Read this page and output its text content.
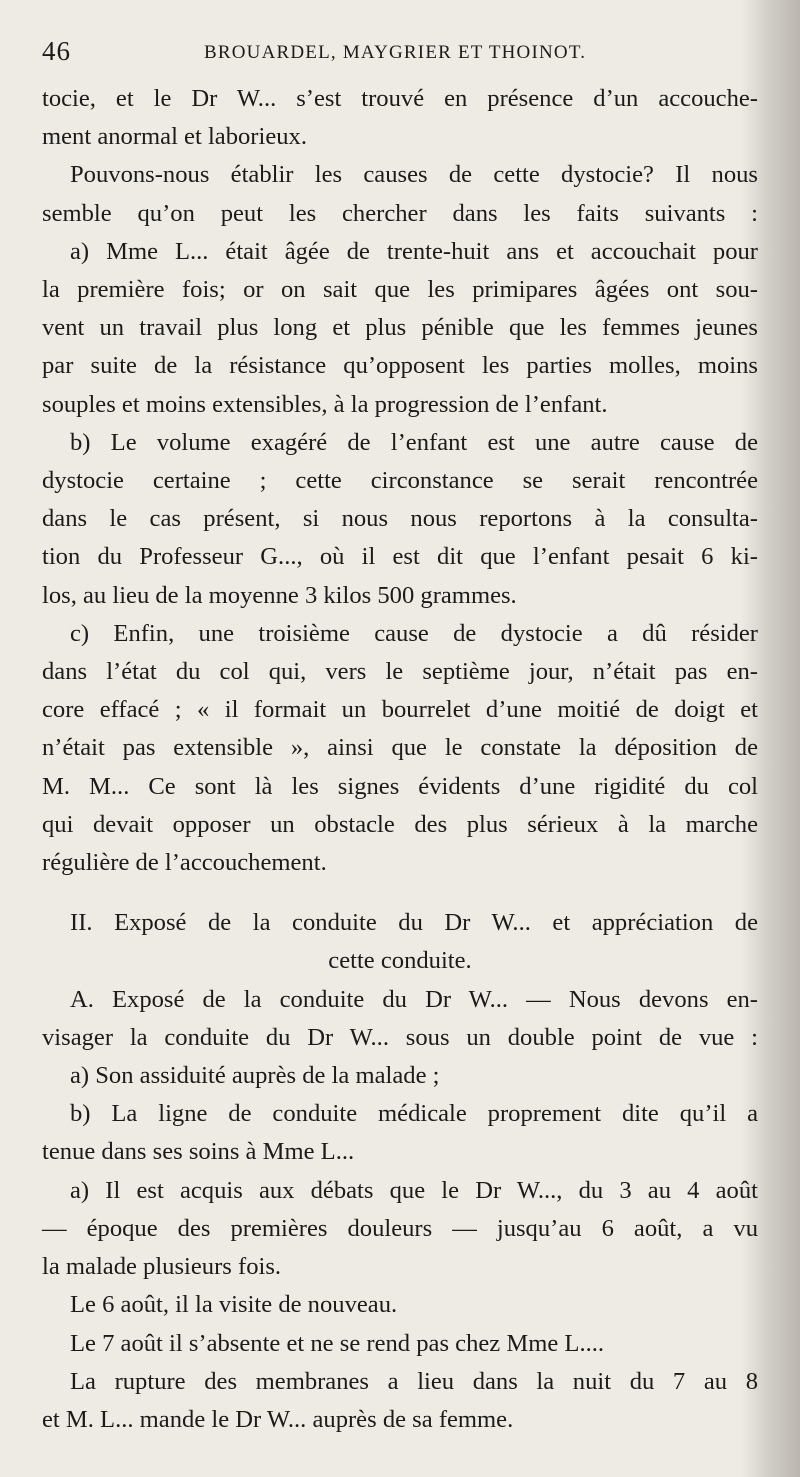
46	BROUARDEL, MAYGRIER ET THOINOT.
tocie, et le Dr W... s’est trouvé en présence d’un accouche-
ment anormal et laborieux.
Pouvons-nous établir les causes de cette dystocie? Il nous
semble qu’on peut les chercher dans les faits suivants :
a) Mme L... était âgée de trente-huit ans et accouchait pour
la première fois; or on sait que les primipares âgées ont sou-
vent un travail plus long et plus pénible que les femmes jeunes
par suite de la résistance qu’opposent les parties molles, moins
souples et moins extensibles, à la progression de l’enfant.
b) Le volume exagéré de l’enfant est une autre cause de
dystocie certaine ; cette circonstance se serait rencontrée
dans le cas présent, si nous nous reportons à la consulta-
tion du Professeur G..., où il est dit que l’enfant pesait 6 ki-
los, au lieu de la moyenne 3 kilos 500 grammes.
c) Enfin, une troisième cause de dystocie a dû résider
dans l’état du col qui, vers le septième jour, n’était pas en-
core effacé ; « il formait un bourrelet d’une moitié de doigt et
n’était pas extensible », ainsi que le constate la déposition de
M. M... Ce sont là les signes évidents d’une rigidité du col
qui devait opposer un obstacle des plus sérieux à la marche
régulière de l’accouchement.
II. Exposé de la conduite du Dr W... et appréciation de
cette conduite.
A. Exposé de la conduite du Dr W... — Nous devons en-
visager la conduite du Dr W... sous un double point de vue :
a) Son assiduité auprès de la malade ;
b) La ligne de conduite médicale proprement dite qu’il a
tenue dans ses soins à Mme L...
a) Il est acquis aux débats que le Dr W..., du 3 au 4 août
— époque des premières douleurs — jusqu’au 6 août, a vu
la malade plusieurs fois.
Le 6 août, il la visite de nouveau.
Le 7 août il s’absente et ne se rend pas chez Mme L....
La rupture des membranes a lieu dans la nuit du 7 au 8
et M. L... mande le Dr W... auprès de sa femme.
